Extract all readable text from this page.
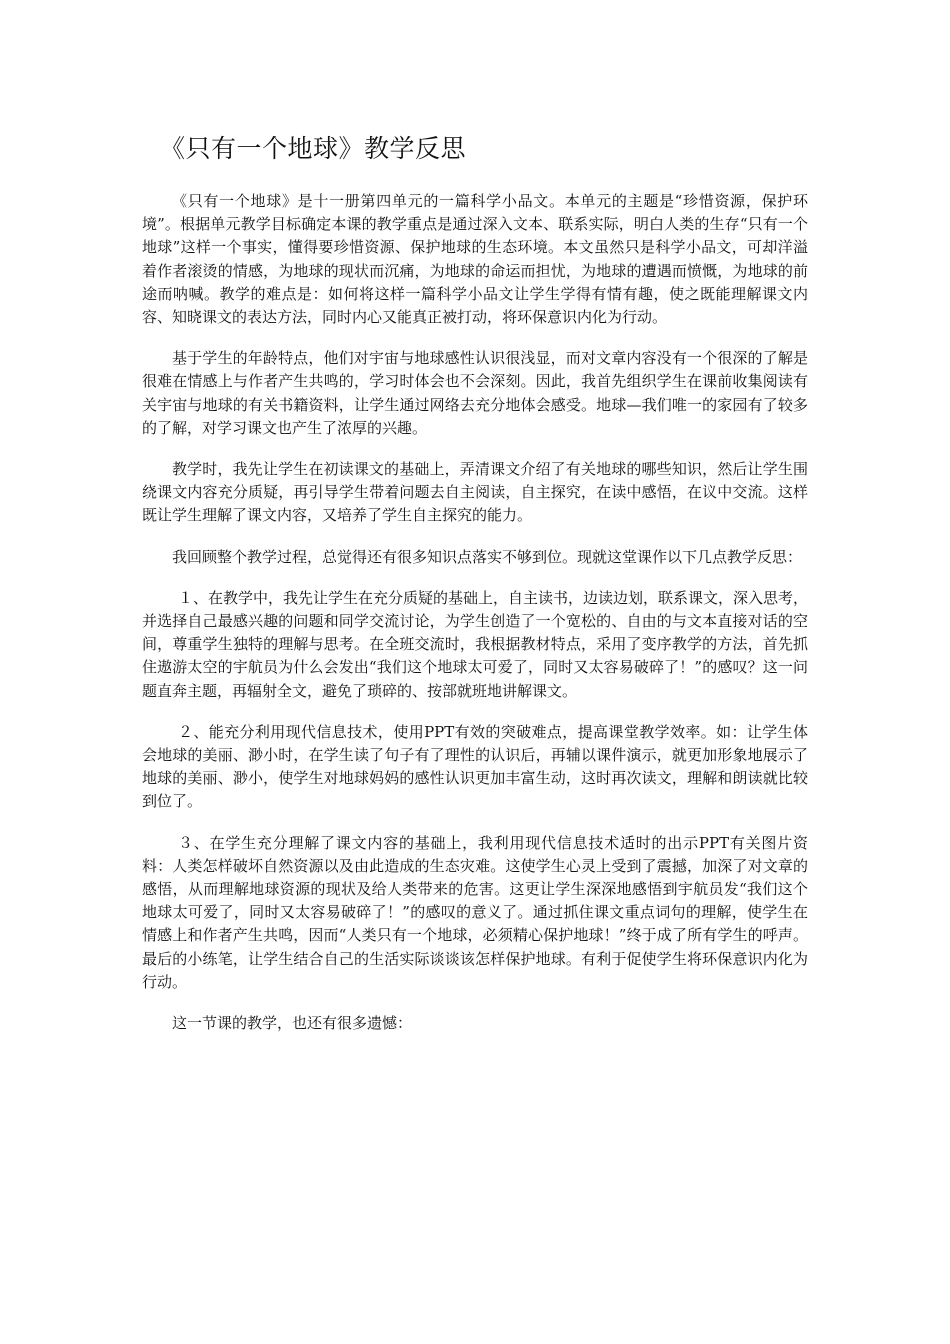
《只有一个地球》教学反思

《只有一个地球》是十一册第四单元的一篇科学小品文。本单元的主题是“珍惜资源，保护环境”。根据单元教学目标确定本课的教学重点是通过深入文本、联系实际，明白人类的生存“只有一个地球”这样一个事实，懂得要珍惜资源、保护地球的生态环境。本文虽然只是科学小品文，可却洋溢着作者滚烫的情感，为地球的现状而沉痛，为地球的命运而担忧，为地球的遭遇而愤慨，为地球的前途而呐喊。教学的难点是：如何将这样一篇科学小品文让学生学得有情有趣，使之既能理解课文内容、知晓课文的表达方法，同时内心又能真正被打动，将环保意识内化为行动。

基于学生的年龄特点，他们对宇宙与地球感性认识很浅显，而对文章内容没有一个很深的了解是很难在情感上与作者产生共鸣的，学习时体会也不会深刻。因此，我首先组织学生在课前收集阅读有关宇宙与地球的有关书籍资料，让学生通过网络去充分地体会感受。地球—我们唯一的家园有了较多的了解，对学习课文也产生了浓厚的兴趣。

教学时，我先让学生在初读课文的基础上，弄清课文介绍了有关地球的哪些知识，然后让学生围绕课文内容充分质疑，再引导学生带着问题去自主阅读，自主探究，在读中感悟，在议中交流。这样既让学生理解了课文内容，又培养了学生自主探究的能力。

我回顾整个教学过程，总觉得还有很多知识点落实不够到位。现就这堂课作以下几点教学反思：

１、在教学中，我先让学生在充分质疑的基础上，自主读书，边读边划，联系课文，深入思考，并选择自己最感兴趣的问题和同学交流讨论，为学生创造了一个宽松的、自由的与文本直接对话的空间，尊重学生独特的理解与思考。在全班交流时，我根据教材特点，采用了变序教学的方法，首先抓住遨游太空的宇航员为什么会发出“我们这个地球太可爱了，同时又太容易破碎了！”的感叹？这一问题直奔主题，再辐射全文，避免了琐碎的、按部就班地讲解课文。

２、能充分利用现代信息技术，使用PPT有效的突破难点，提高课堂教学效率。如：让学生体会地球的美丽、渺小时，在学生读了句子有了理性的认识后，再辅以课件演示，就更加形象地展示了地球的美丽、渺小，使学生对地球妈妈的感性认识更加丰富生动，这时再次读文，理解和朗读就比较到位了。

３、在学生充分理解了课文内容的基础上，我利用现代信息技术适时的出示PPT有关图片资料：人类怎样破坏自然资源以及由此造成的生态灾难。这使学生心灵上受到了震撼，加深了对文章的感悟，从而理解地球资源的现状及给人类带来的危害。这更让学生深深地感悟到宇航员发“我们这个地球太可爱了，同时又太容易破碎了！”的感叹的意义了。通过抓住课文重点词句的理解，使学生在情感上和作者产生共鸣，因而“人类只有一个地球，必须精心保护地球！”终于成了所有学生的呼声。最后的小练笔，让学生结合自己的生活实际谈谈该怎样保护地球。有利于促使学生将环保意识内化为行动。

这一节课的教学，也还有很多遗憾：
